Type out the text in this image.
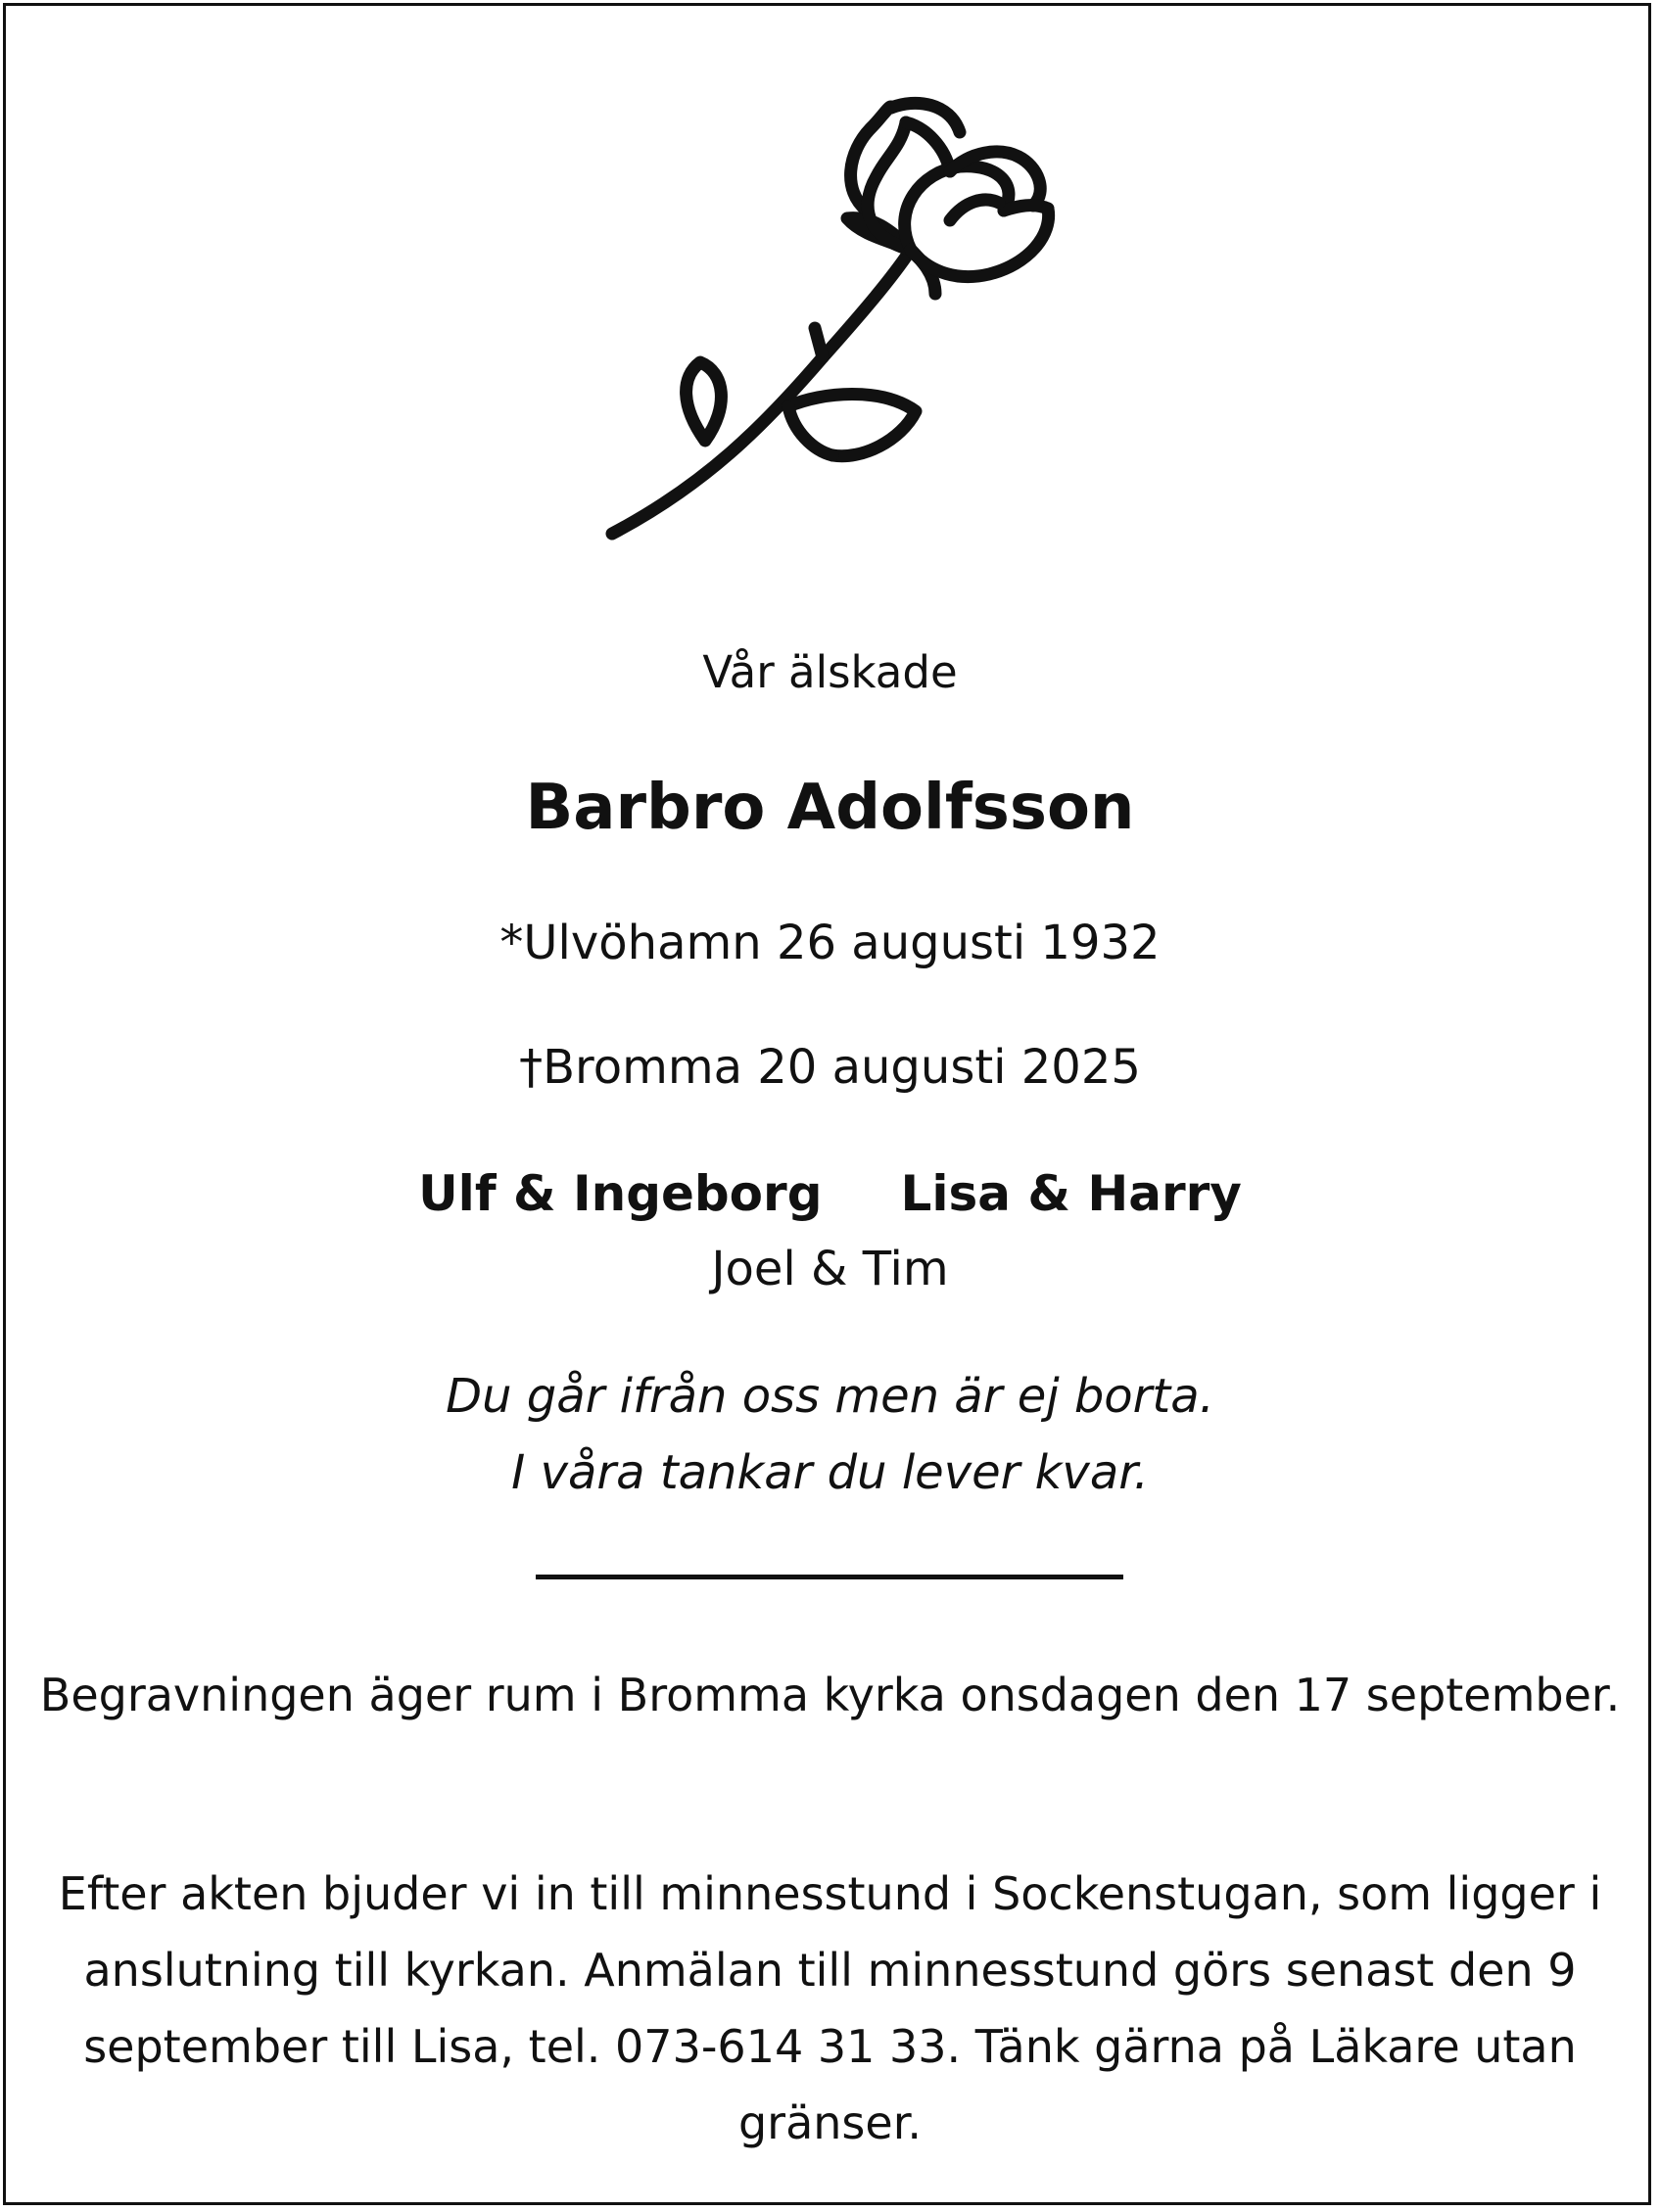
Vår älskade
Barbro Adolfsson
*Ulvöhamn 26 augusti 1932
†Bromma 20 augusti 2025
Ulf & Ingeborg Lisa & Harry
Joel & Tim
Du går ifrån oss men är ej borta.
I våra tankar du lever kvar.
Begravningen äger rum i Bromma kyrka onsdagen den 17 september.
Efter akten bjuder vi in till minnesstund i Sockenstugan, som ligger i anslutning till kyrkan. Anmälan till minnesstund görs senast den 9 september till Lisa, tel. 073-614 31 33. Tänk gärna på Läkare utan gränser.
